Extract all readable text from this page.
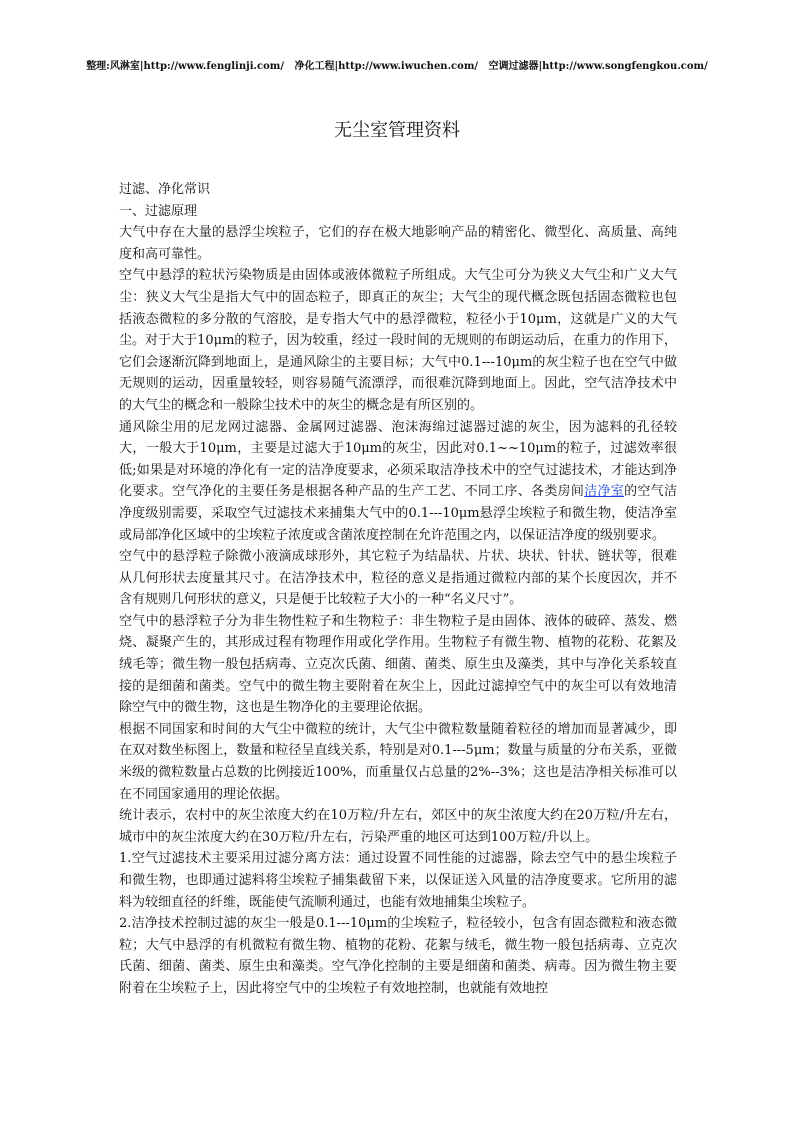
整理:风淋室|http://www.fenglinji.com/ 净化工程|http://www.iwuchen.com/ 空调过滤器|http://www.songfengkou.com/
无尘室管理资料

过滤、净化常识

一、过滤原理

大气中存在大量的悬浮尘埃粒子，它们的存在极大地影响产品的精密化、微型化、高质量、高纯度和高可靠性。

空气中悬浮的粒状污染物质是由固体或液体微粒子所组成。大气尘可分为狭义大气尘和广义大气尘：狭义大气尘是指大气中的固态粒子，即真正的灰尘；大气尘的现代概念既包括固态微粒也包括液态微粒的多分散的气溶胶，是专指大气中的悬浮微粒，粒径小于10μm，这就是广义的大气尘。对于大于10μm的粒子，因为较重，经过一段时间的无规则的布朗运动后，在重力的作用下，它们会逐渐沉降到地面上，是通风除尘的主要目标；大气中0.1---10μm的灰尘粒子也在空气中做无规则的运动，因重量较轻，则容易随气流漂浮，而很难沉降到地面上。因此，空气洁净技术中的大气尘的概念和一般除尘技术中的灰尘的概念是有所区别的。

通风除尘用的尼龙网过滤器、金属网过滤器、泡沫海绵过滤器过滤的灰尘，因为滤料的孔径较大，一般大于10μm，主要是过滤大于10μm的灰尘，因此对0.1~~10μm的粒子，过滤效率很低;如果是对环境的净化有一定的洁净度要求，必须采取洁净技术中的空气过滤技术，才能达到净化要求。空气净化的主要任务是根据各种产品的生产工艺、不同工序、各类房间洁净室的空气洁净度级别需要，采取空气过滤技术来捕集大气中的0.1---10μm悬浮尘埃粒子和微生物，使洁净室或局部净化区域中的尘埃粒子浓度或含菌浓度控制在允许范围之内，以保证洁净度的级别要求。

空气中的悬浮粒子除微小液滴成球形外，其它粒子为结晶状、片状、块状、针状、链状等，很难从几何形状去度量其尺寸。在洁净技术中，粒径的意义是指通过微粒内部的某个长度因次，并不含有规则几何形状的意义，只是便于比较粒子大小的一种“名义尺寸”。

空气中的悬浮粒子分为非生物性粒子和生物粒子：非生物粒子是由固体、液体的破碎、蒸发、燃烧、凝聚产生的，其形成过程有物理作用或化学作用。生物粒子有微生物、植物的花粉、花絮及绒毛等；微生物一般包括病毒、立克次氏菌、细菌、菌类、原生虫及藻类，其中与净化关系较直接的是细菌和菌类。空气中的微生物主要附着在灰尘上，因此过滤掉空气中的灰尘可以有效地清除空气中的微生物，这也是生物净化的主要理论依据。

根据不同国家和时间的大气尘中微粒的统计，大气尘中微粒数量随着粒径的增加而显著减少，即在双对数坐标图上，数量和粒径呈直线关系，特别是对0.1---5μm；数量与质量的分布关系，亚微米级的微粒数量占总数的比例接近100%，而重量仅占总量的2%--3%；这也是洁净相关标准可以在不同国家通用的理论依据。

统计表示，农村中的灰尘浓度大约在10万粒/升左右，郊区中的灰尘浓度大约在20万粒/升左右，城市中的灰尘浓度大约在30万粒/升左右，污染严重的地区可达到100万粒/升以上。

1.空气过滤技术主要采用过滤分离方法：通过设置不同性能的过滤器，除去空气中的悬尘埃粒子和微生物，也即通过滤料将尘埃粒子捕集截留下来，以保证送入风量的洁净度要求。它所用的滤料为较细直径的纤维，既能使气流顺利通过，也能有效地捕集尘埃粒子。

2.洁净技术控制过滤的灰尘一般是0.1---10μm的尘埃粒子，粒径较小，包含有固态微粒和液态微粒；大气中悬浮的有机微粒有微生物、植物的花粉、花絮与绒毛，微生物一般包括病毒、立克次氏菌、细菌、菌类、原生虫和藻类。空气净化控制的主要是细菌和菌类、病毒。因为微生物主要附着在尘埃粒子上，因此将空气中的尘埃粒子有效地控制，也就能有效地控
